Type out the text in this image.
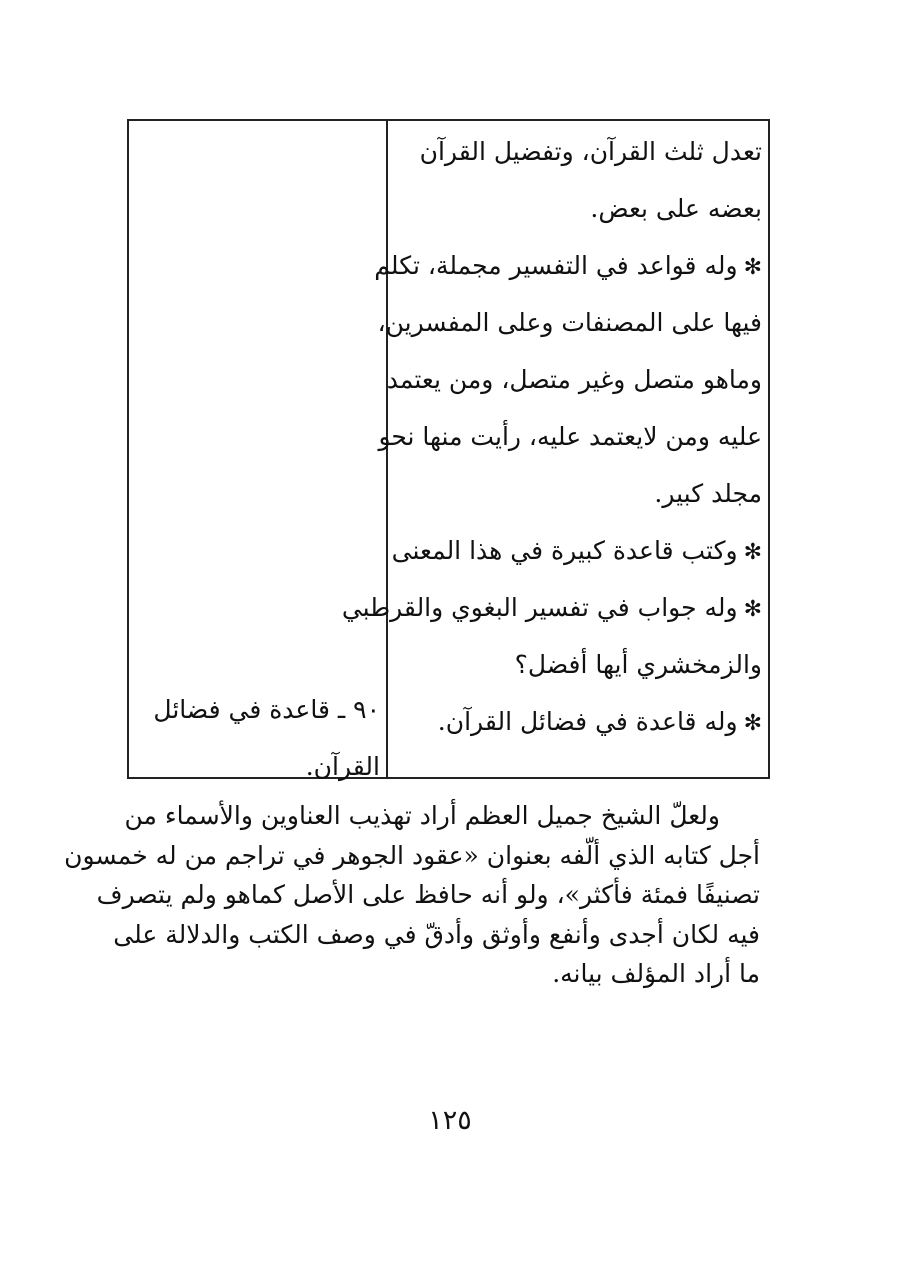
تعدل ثلث القرآن، وتفضيل القرآن
بعضه على بعض.
✻وله قواعد في التفسير مجملة، تكلم
فيها على المصنفات وعلى المفسرين،
وماهو متصل وغير متصل، ومن يعتمد
عليه ومن لايعتمد عليه، رأيت منها نحو
مجلد كبير.
✻وكتب قاعدة كبيرة في هذا المعنى
✻وله جواب في تفسير البغوي والقرطبي
والزمخشري أيها أفضل؟
✻وله قاعدة في فضائل القرآن.
٩٠ ـ قاعدة في فضائل
القرآن.
ولعلّ الشيخ جميل العظم أراد تهذيب العناوين والأسماء من
أجل كتابه الذي ألّفه بعنوان «عقود الجوهر في تراجم من له خمسون
تصنيفًا فمئة فأكثر»، ولو أنه حافظ على الأصل كماهو ولم يتصرف
فيه لكان أجدى وأنفع وأوثق وأدقّ في وصف الكتب والدلالة على
ما أراد المؤلف بيانه.
١٢٥
